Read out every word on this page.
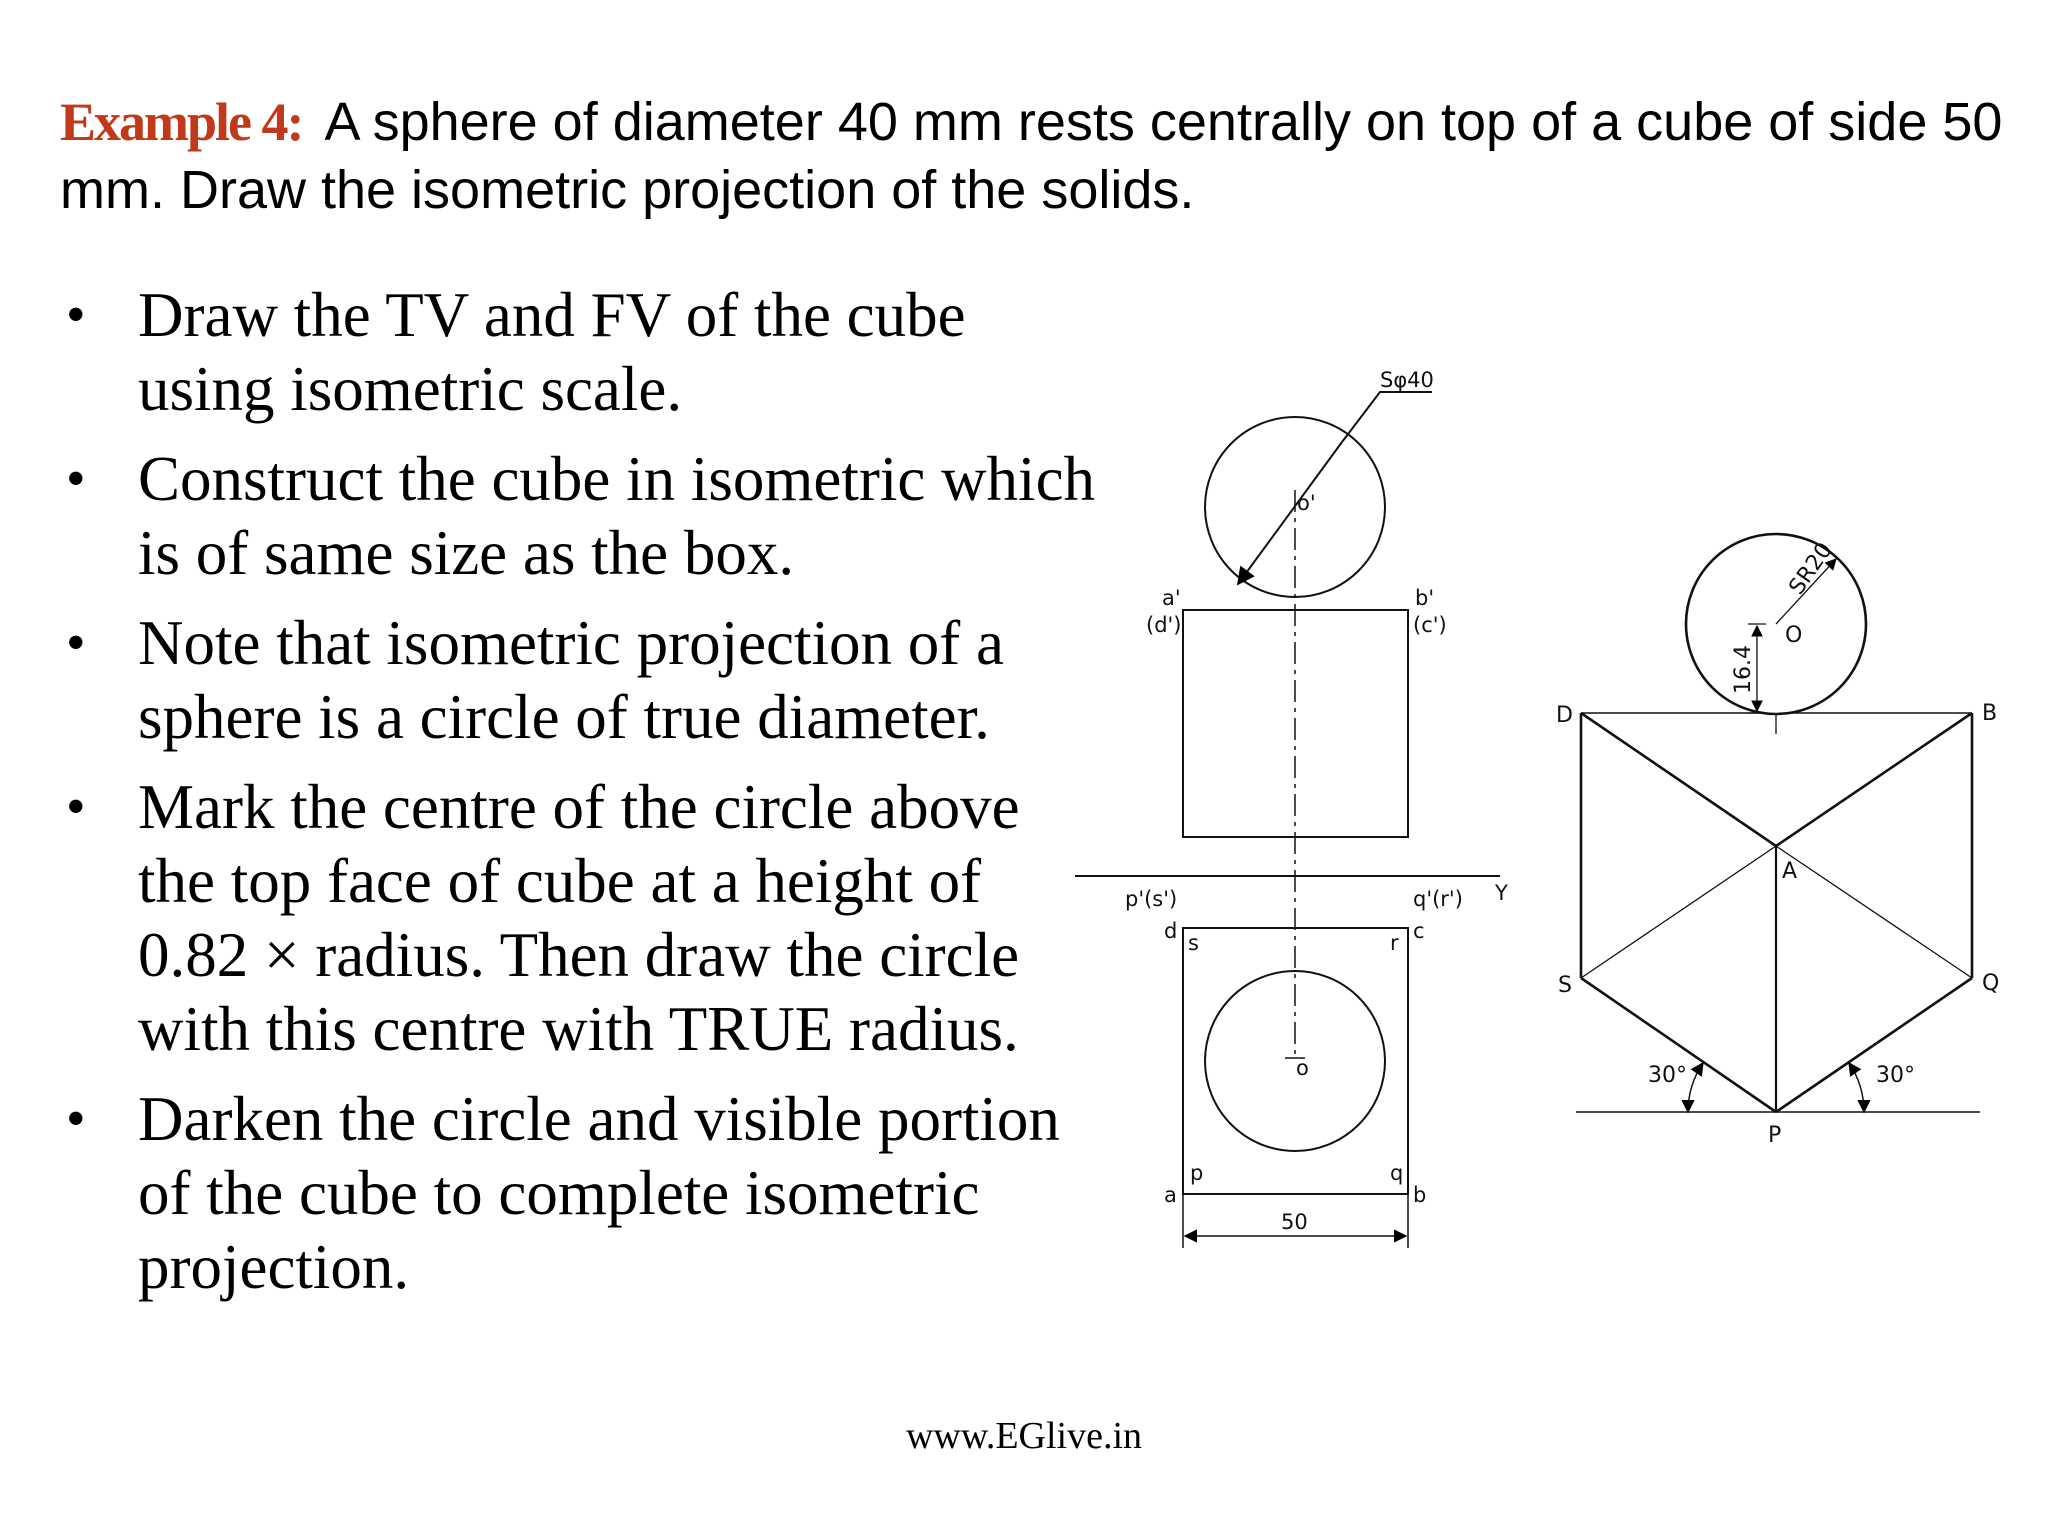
Example 4: A sphere of diameter 40 mm rests centrally on top of a cube of side 50 mm. Draw the isometric projection of the solids.
• Draw the TV and FV of the cube using isometric scale.
• Construct the cube in isometric which is of same size as the box.
• Note that isometric projection of a sphere is a circle of true diameter.
• Mark the centre of the circle above the top face of cube at a height of 0.82 × radius. Then draw the circle with this centre with TRUE radius.
• Darken the circle and visible portion of the cube to complete isometric projection.
Sφ40
o'
a'
(d')
b'
(c')
p'(s')	q'(r') Y
d s	r c
o
p	q
a	b
50
SR20
O
16.4
D	B
A
S	Q
P
30°	30°
www.EGlive.in
